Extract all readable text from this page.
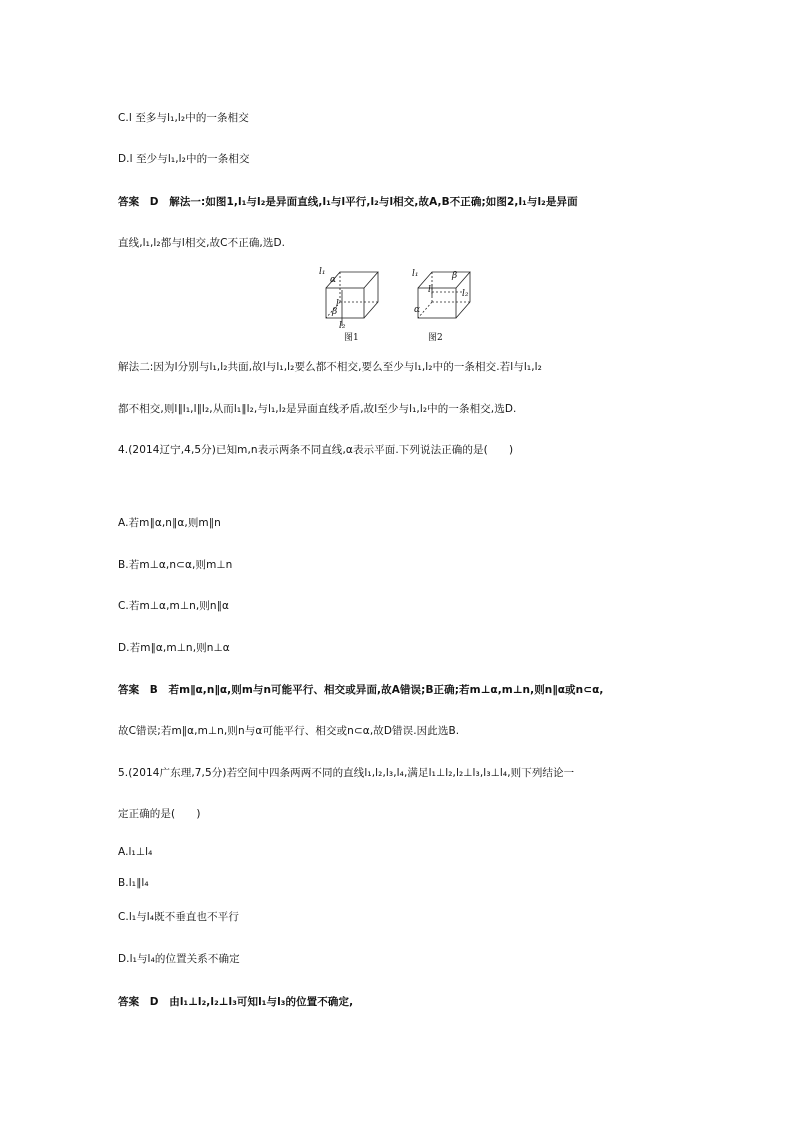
C.l 至多与l₁,l₂中的一条相交
D.l 至少与l₁,l₂中的一条相交
答案　D　解法一:如图1,l₁与l₂是异面直线,l₁与l平行,l₂与l相交,故A,B不正确;如图2,l₁与l₂是异面
直线,l₁,l₂都与l相交,故C不正确,选D.
l₁
α
l
β
l₂
图1
l₁	β
l	l₂
α
图2
解法二:因为l分别与l₁,l₂共面,故l与l₁,l₂要么都不相交,要么至少与l₁,l₂中的一条相交.若l与l₁,l₂
都不相交,则l∥l₁,l∥l₂,从而l₁∥l₂,与l₁,l₂是异面直线矛盾,故l至少与l₁,l₂中的一条相交,选D.
4.(2014辽宁,4,5分)已知m,n表示两条不同直线,α表示平面.下列说法正确的是(　　)
A.若m∥α,n∥α,则m∥n
B.若m⊥α,n⊂α,则m⊥n
C.若m⊥α,m⊥n,则n∥α
D.若m∥α,m⊥n,则n⊥α
答案　B　若m∥α,n∥α,则m与n可能平行、相交或异面,故A错误;B正确;若m⊥α,m⊥n,则n∥α或n⊂α,
故C错误;若m∥α,m⊥n,则n与α可能平行、相交或n⊂α,故D错误.因此选B.
5.(2014广东理,7,5分)若空间中四条两两不同的直线l₁,l₂,l₃,l₄,满足l₁⊥l₂,l₂⊥l₃,l₃⊥l₄,则下列结论一
定正确的是(　　)
A.l₁⊥l₄
B.l₁∥l₄
C.l₁与l₄既不垂直也不平行
D.l₁与l₄的位置关系不确定
答案　D　由l₁⊥l₂,l₂⊥l₃可知l₁与l₃的位置不确定,
